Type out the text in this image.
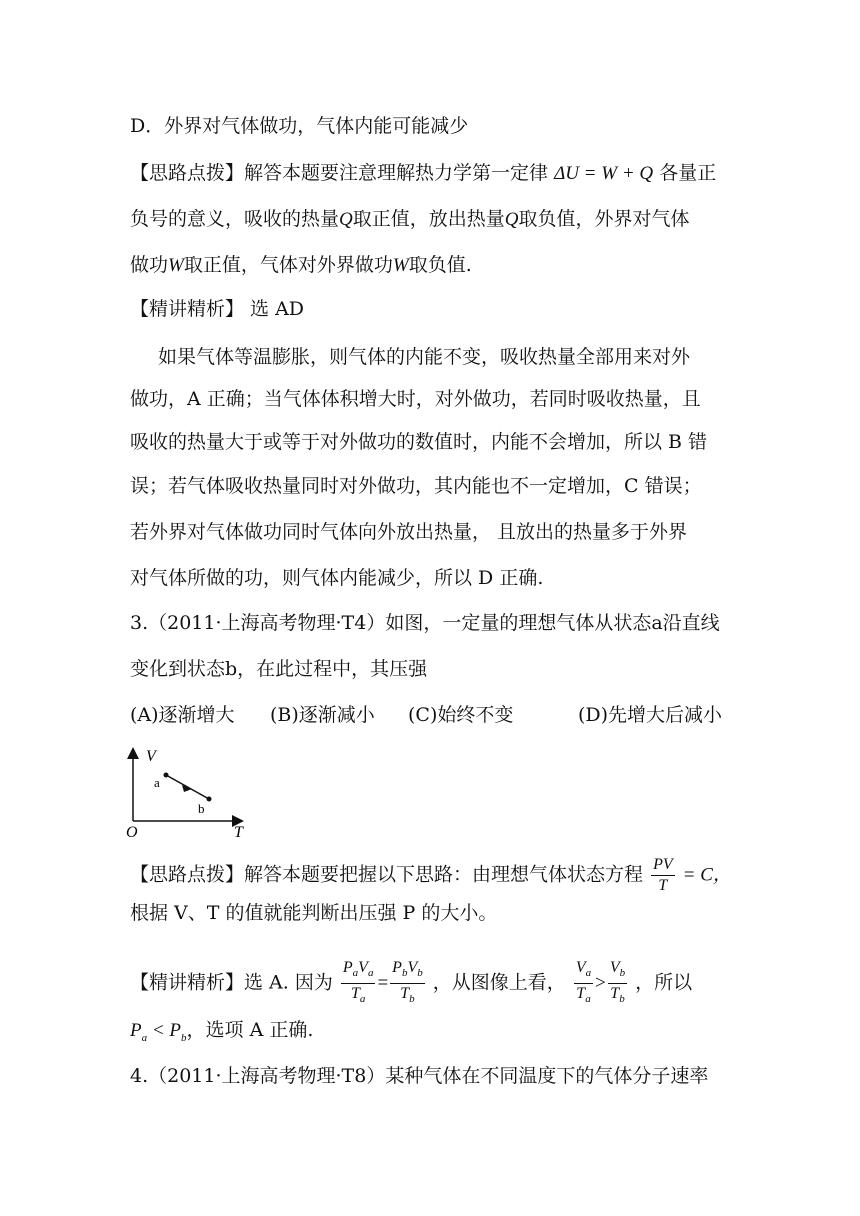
D．外界对气体做功，气体内能可能减少
【思路点拨】解答本题要注意理解热力学第一定律 ΔU = W + Q 各量正
负号的意义，吸收的热量Q取正值，放出热量Q取负值，外界对气体
做功W取正值，气体对外界做功W取负值.
【精讲精析】 选 AD
如果气体等温膨胀，则气体的内能不变，吸收热量全部用来对外
做功，A 正确；当气体体积增大时，对外做功，若同时吸收热量，且
吸收的热量大于或等于对外做功的数值时，内能不会增加，所以 B 错
误；若气体吸收热量同时对外做功，其内能也不一定增加，C 错误；
若外界对气体做功同时气体向外放出热量， 且放出的热量多于外界
对气体所做的功，则气体内能减少，所以 D 正确.
3.（2011·上海高考物理·T4）如图，一定量的理想气体从状态a沿直线
变化到状态b，在此过程中，其压强
(A)逐渐增大 (B)逐渐减小 (C)始终不变	(D)先增大后减小
V
T
O
a
b
【思路点拨】解答本题要把握以下思路：由理想气体状态方程 $\frac{PV}{T} = C$，
根据 V、T 的值就能判断出压强 P 的大小。
【精讲精析】选 A. 因为 $\frac{P_aV_a}{T_a} = \frac{P_bV_b}{T_b}$ ，从图像上看， $\frac{V_a}{T_a} > \frac{V_b}{T_b}$ ，所以
$P_a < P_b$，选项 A 正确.
4.（2011·上海高考物理·T8）某种气体在不同温度下的气体分子速率
